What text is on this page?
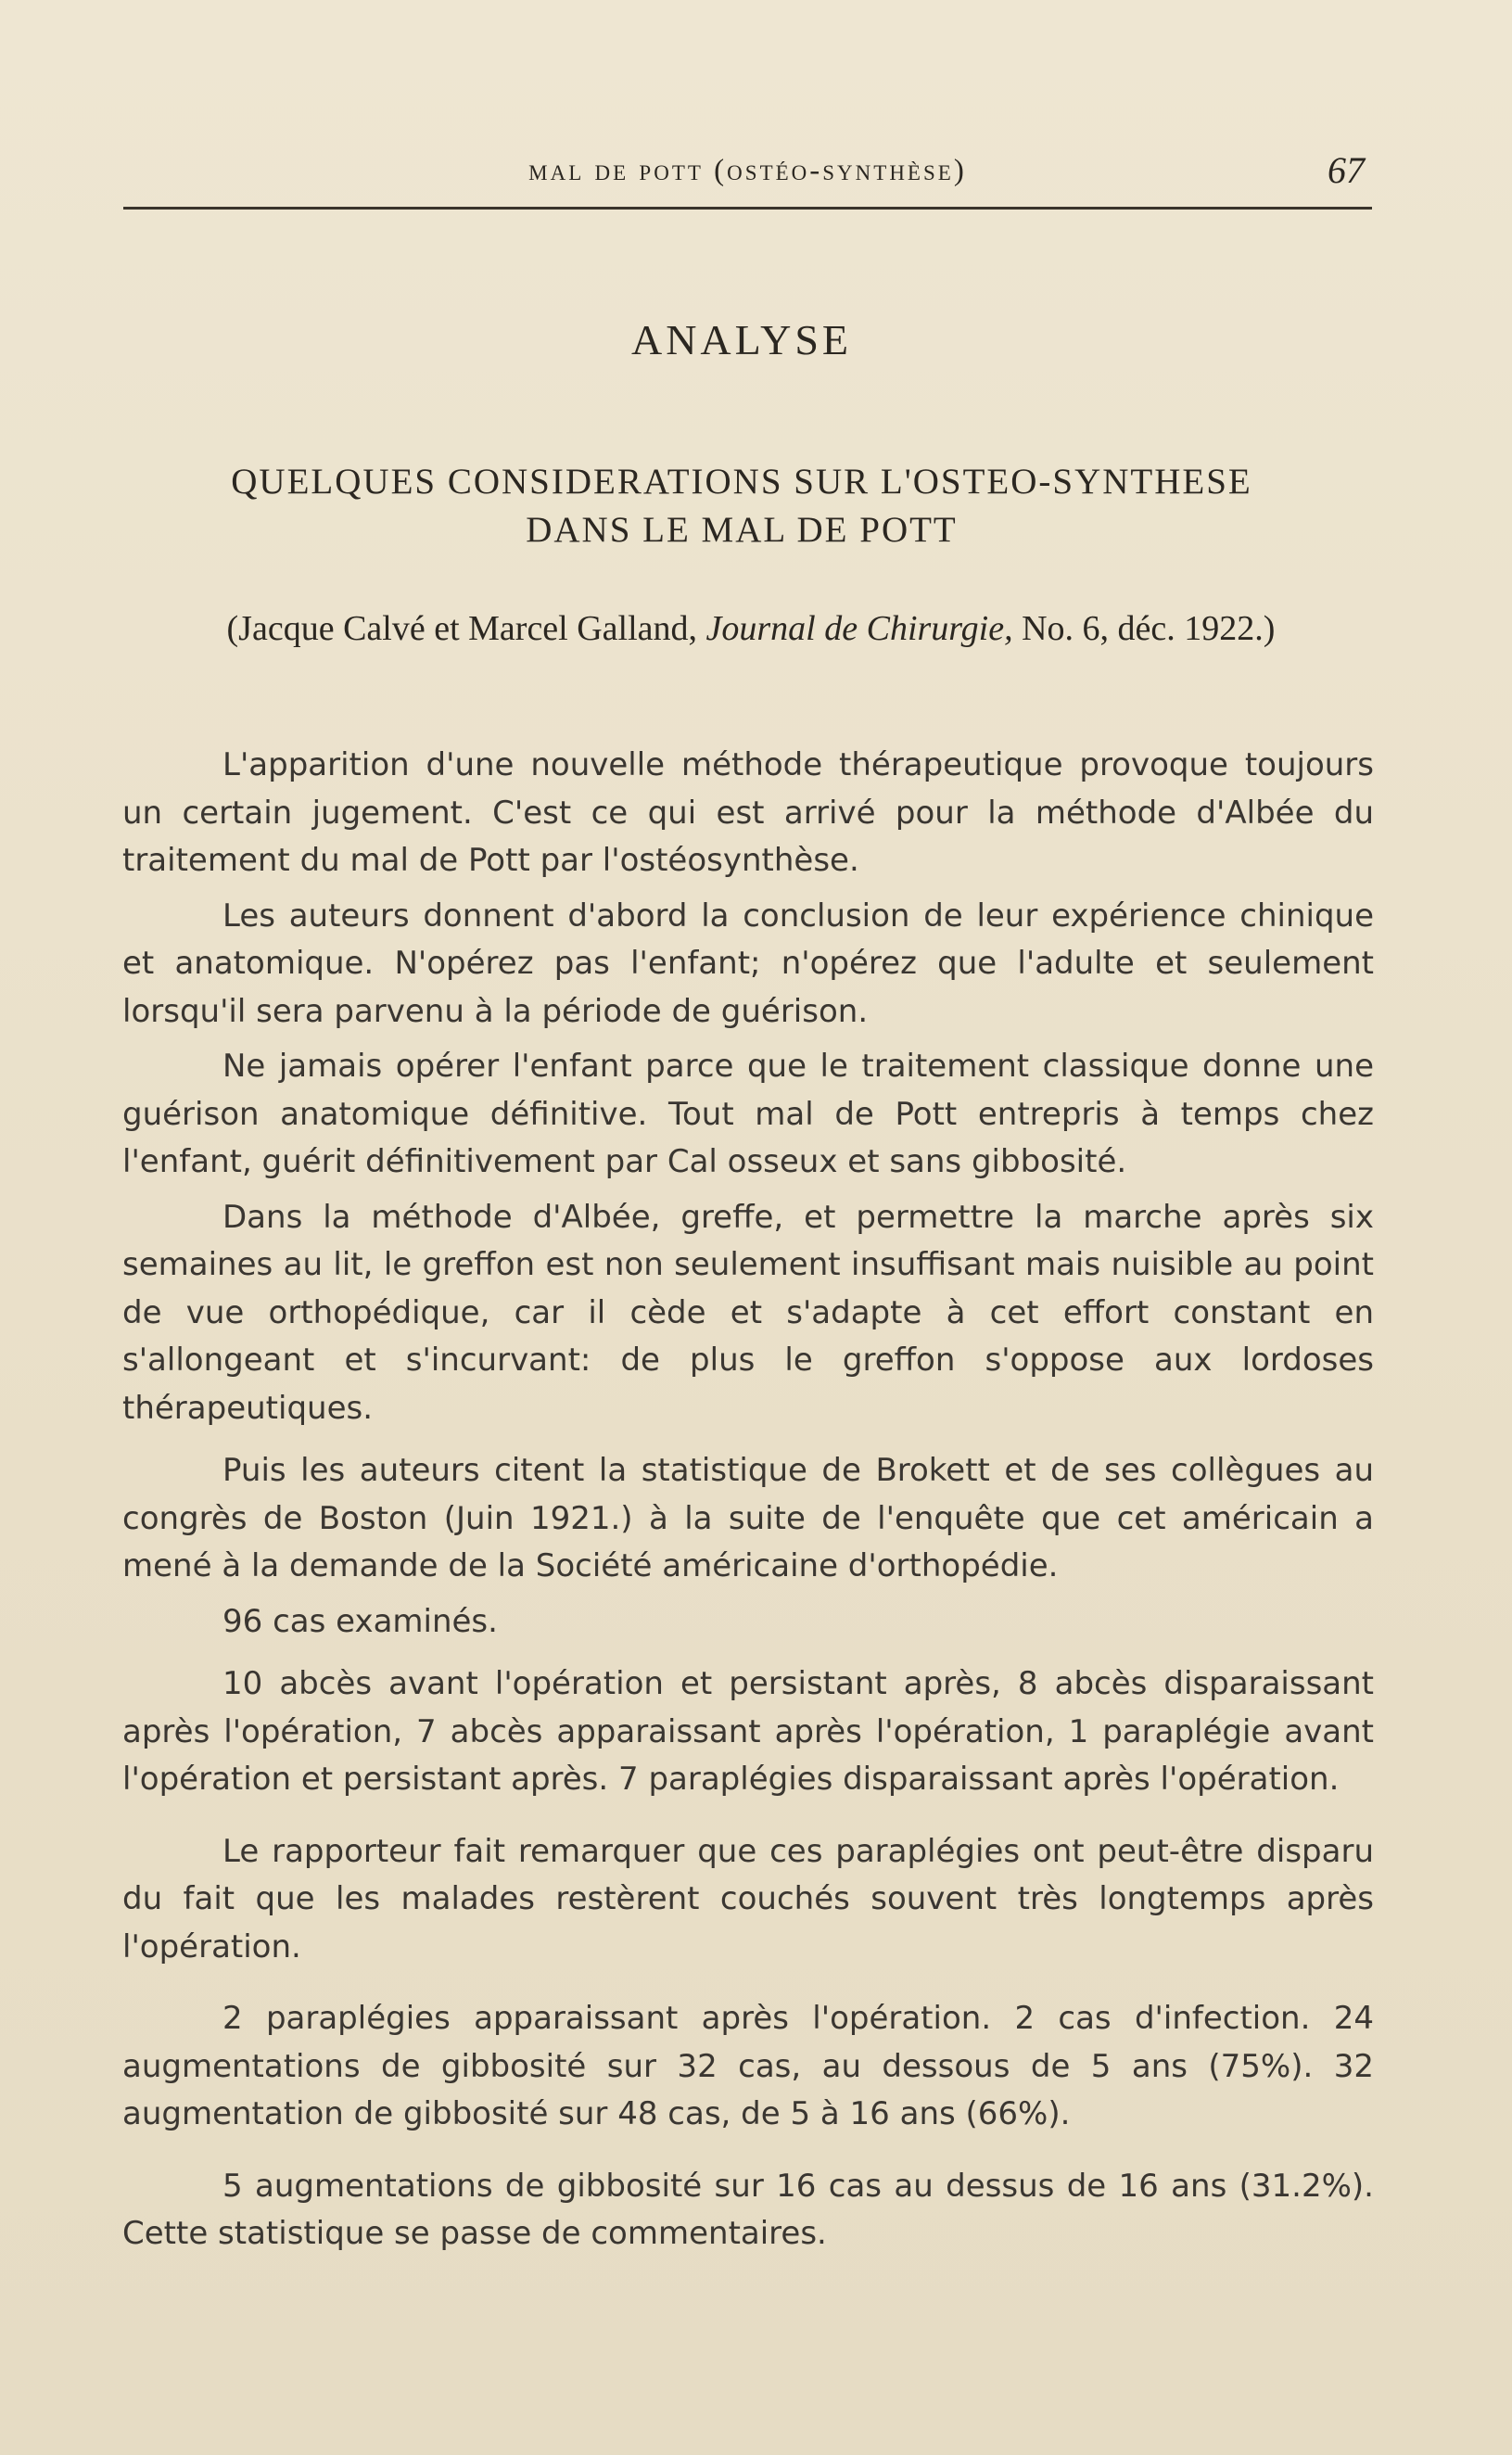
mal de pott (ostéo-synthèse)	67
ANALYSE
QUELQUES CONSIDERATIONS SUR L'OSTEO-SYNTHESE
DANS LE MAL DE POTT
(Jacque Calvé et Marcel Galland, Journal de Chirurgie, No. 6, déc. 1922.)

L'apparition d'une nouvelle méthode thérapeutique provoque toujours un certain jugement. C'est ce qui est arrivé pour la méthode d'Albée du traitement du mal de Pott par l'ostéosynthèse.

Les auteurs donnent d'abord la conclusion de leur expérience chinique et anatomique. N'opérez pas l'enfant; n'opérez que l'adulte et seulement lorsqu'il sera parvenu à la période de guérison.

Ne jamais opérer l'enfant parce que le traitement classique donne une guérison anatomique définitive. Tout mal de Pott entrepris à temps chez l'enfant, guérit définitivement par Cal osseux et sans gibbosité.

Dans la méthode d'Albée, greffe, et permettre la marche après six semaines au lit, le greffon est non seulement insuffisant mais nuisible au point de vue orthopédique, car il cède et s'adapte à cet effort constant en s'allongeant et s'incurvant: de plus le greffon s'oppose aux lordoses thérapeutiques.

Puis les auteurs citent la statistique de Brokett et de ses collègues au congrès de Boston (Juin 1921.) à la suite de l'enquête que cet américain a mené à la demande de la Société américaine d'orthopédie.

96 cas examinés.

10 abcès avant l'opération et persistant après, 8 abcès disparaissant après l'opération, 7 abcès apparaissant après l'opération, 1 paraplégie avant l'opération et persistant après. 7 paraplégies disparaissant après l'opération.

Le rapporteur fait remarquer que ces paraplégies ont peut-être disparu du fait que les malades restèrent couchés souvent très longtemps après l'opération.

2 paraplégies apparaissant après l'opération. 2 cas d'infection. 24 augmentations de gibbosité sur 32 cas, au dessous de 5 ans (75%). 32 augmentation de gibbosité sur 48 cas, de 5 à 16 ans (66%).

5 augmentations de gibbosité sur 16 cas au dessus de 16 ans (31.2%). Cette statistique se passe de commentaires.
